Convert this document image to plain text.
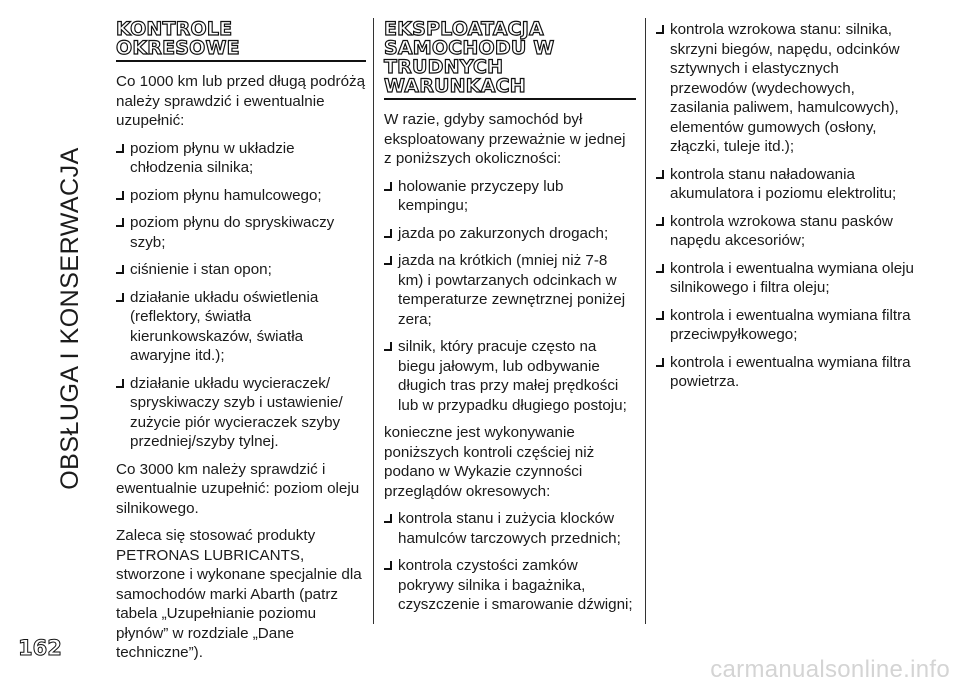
OBSŁUGA I KONSERWACJA
KONTROLE
OKRESOWE

Co 1000 km lub przed długą podróżą należy sprawdzić i ewentualnie uzupełnić:

poziom płynu w układzie chłodzenia silnika;
poziom płynu hamulcowego;
poziom płynu do spryskiwaczy szyb;
ciśnienie i stan opon;
działanie układu oświetlenia (reflektory, światła kierunkowskazów, światła awaryjne itd.);
działanie układu wycieraczek/ spryskiwaczy szyb i ustawienie/ zużycie piór wycieraczek szyby przedniej/szyby tylnej.

Co 3000 km należy sprawdzić i ewentualnie uzupełnić: poziom oleju silnikowego.

Zaleca się stosować produkty PETRONAS LUBRICANTS, stworzone i wykonane specjalnie dla samochodów marki Abarth (patrz tabela „Uzupełnianie poziomu płynów” w rozdziale „Dane techniczne”).

EKSPLOATACJA
SAMOCHODU W
TRUDNYCH
WARUNKACH

W razie, gdyby samochód był eksploatowany przeważnie w jednej z poniższych okoliczności:

holowanie przyczepy lub kempingu;
jazda po zakurzonych drogach;
jazda na krótkich (mniej niż 7-8 km) i powtarzanych odcinkach w temperaturze zewnętrznej poniżej zera;
silnik, który pracuje często na biegu jałowym, lub odbywanie długich tras przy małej prędkości lub w przypadku długiego postoju;

konieczne jest wykonywanie poniższych kontroli częściej niż podano w Wykazie czynności przeglądów okresowych:

kontrola stanu i zużycia klocków hamulców tarczowych przednich;
kontrola czystości zamków pokrywy silnika i bagażnika, czyszczenie i smarowanie dźwigni;
kontrola wzrokowa stanu: silnika, skrzyni biegów, napędu, odcinków sztywnych i elastycznych przewodów (wydechowych, zasilania paliwem, hamulcowych), elementów gumowych (osłony, złączki, tuleje itd.);
kontrola stanu naładowania akumulatora i poziomu elektrolitu;
kontrola wzrokowa stanu pasków napędu akcesoriów;
kontrola i ewentualna wymiana oleju silnikowego i filtra oleju;
kontrola i ewentualna wymiana filtra przeciwpyłkowego;
kontrola i ewentualna wymiana filtra powietrza.
162
carmanualsonline.info
